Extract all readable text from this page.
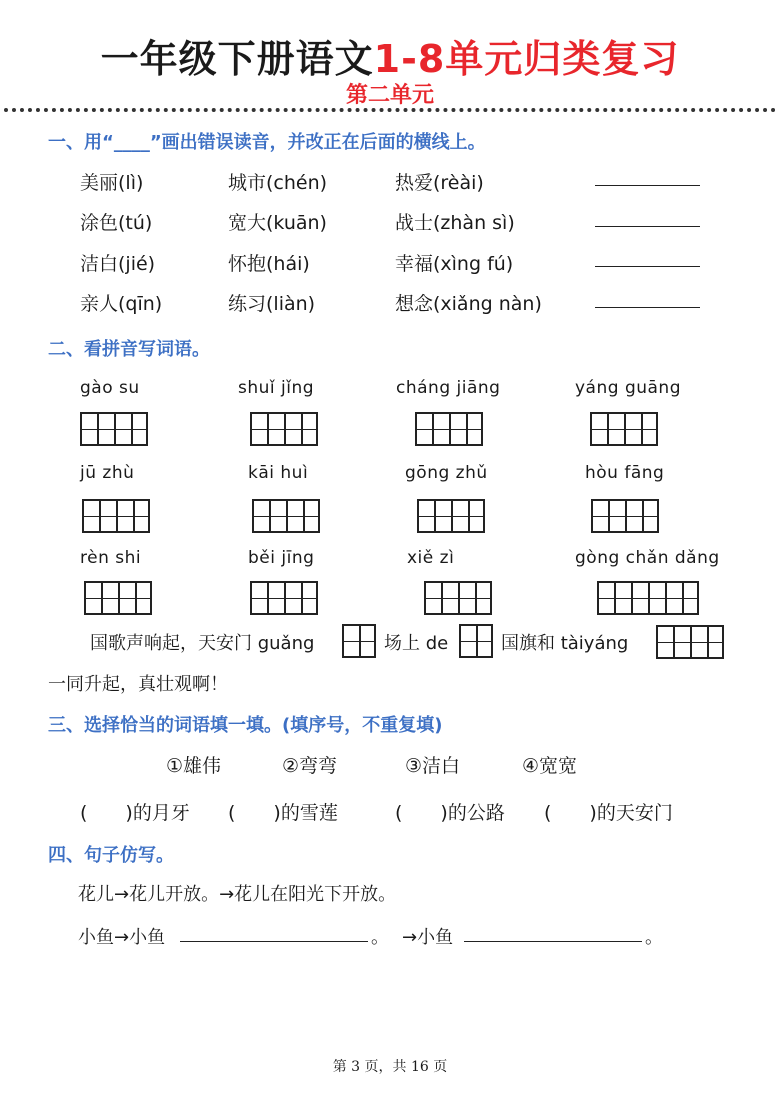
一年级下册语文1-8单元归类复习
第二单元
一、用“____”画出错误读音，并改正在后面的横线上。
美丽(lì)	城市(chén)	热爱(rèài)
涂色(tú)	宽大(kuān)	战士(zhàn sì)
洁白(jié)	怀抱(hái)	幸福(xìng fú)
亲人(qīn)	练习(liàn)	想念(xiǎng nàn)
二、看拼音写词语。
gào su	shuǐ jǐng	cháng jiāng	yáng guāng
jū zhù	kāi huì	gōng zhǔ	hòu fāng
rèn shi	běi jīng	xiě zì	gòng chǎn dǎng
国歌声响起，天安门 guǎng	场上 de	国旗和 tàiyáng
一同升起，真壮观啊！
三、选择恰当的词语填一填。(填序号，不重复填)
①雄伟	②弯弯	③洁白	④宽宽
(　　)的月牙 (　　)的雪莲	(　　)的公路 (　　)的天安门
四、句子仿写。
花儿→花儿开放。→花儿在阳光下开放。
小鱼→小鱼	。 →小鱼	。
第 3 页，共 16 页
